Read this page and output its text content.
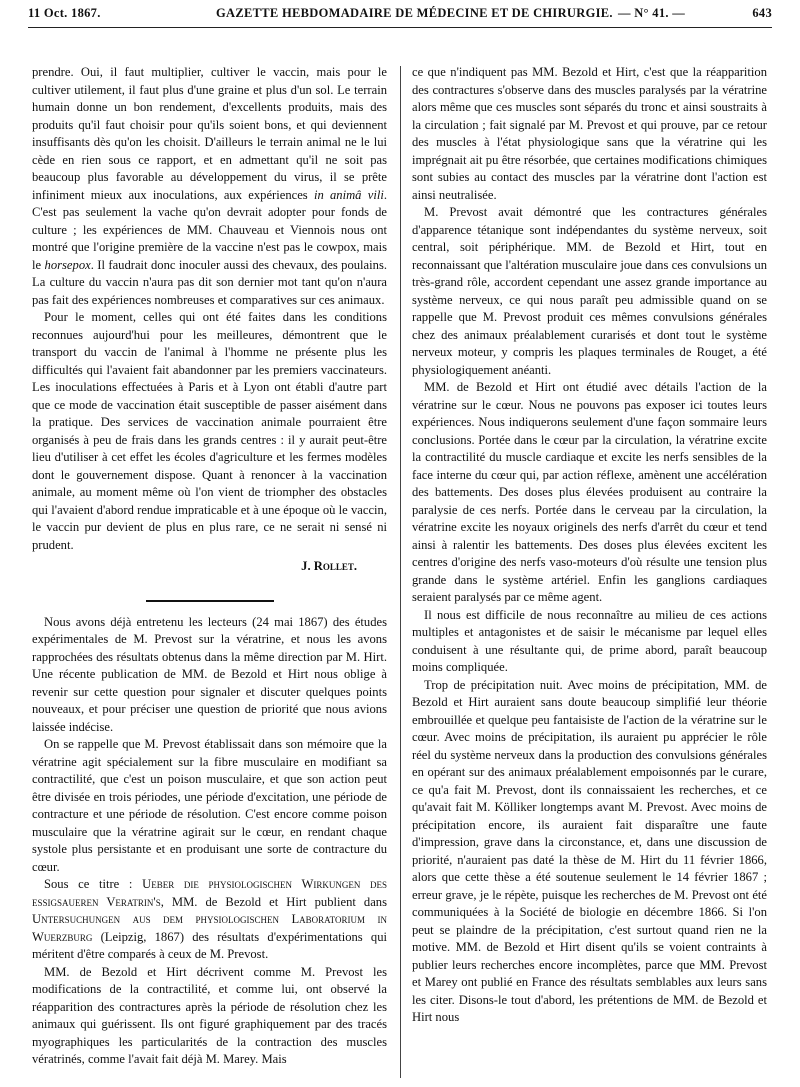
11 Oct. 1867.	GAZETTE HEBDOMADAIRE DE MÉDECINE ET DE CHIRURGIE. — N° 41. —	643

prendre. Oui, il faut multiplier, cultiver le vaccin, mais pour le cultiver utilement, il faut plus d'une graine et plus d'un sol. Le terrain humain donne un bon rendement, d'excellents produits, mais des produits qu'il faut choisir pour qu'ils soient bons, et qui deviennent insuffisants dès qu'on les choisit. D'ailleurs le terrain animal ne le lui cède en rien sous ce rapport, et en admettant qu'il ne soit pas beaucoup plus favorable au développement du virus, il se prête infiniment mieux aux inoculations, aux expériences in animâ vili. C'est pas seulement la vache qu'on devrait adopter pour fonds de culture ; les expériences de MM. Chauveau et Viennois nous ont montré que l'origine première de la vaccine n'est pas le cowpox, mais le horsepox. Il faudrait donc inoculer aussi des chevaux, des poulains. La culture du vaccin n'aura pas dit son dernier mot tant qu'on n'aura pas fait des expériences nombreuses et comparatives sur ces animaux.

Pour le moment, celles qui ont été faites dans les conditions reconnues aujourd'hui pour les meilleures, démontrent que le transport du vaccin de l'animal à l'homme ne présente plus les difficultés qui l'avaient fait abandonner par les premiers vaccinateurs. Les inoculations effectuées à Paris et à Lyon ont établi d'autre part que ce mode de vaccination était susceptible de passer aisément dans la pratique. Des services de vaccination animale pourraient être organisés à peu de frais dans les grands centres : il y aurait peut-être lieu d'utiliser à cet effet les écoles d'agriculture et les fermes modèles dont le gouvernement dispose. Quant à renoncer à la vaccination animale, au moment même où l'on vient de triompher des obstacles qui l'avaient d'abord rendue impraticable et à une époque où le vaccin, le vaccin pur devient de plus en plus rare, ce ne serait ni sensé ni prudent.

J. Rollet.

Nous avons déjà entretenu les lecteurs (24 mai 1867) des études expérimentales de M. Prevost sur la vératrine, et nous les avons rapprochées des résultats obtenus dans la même direction par M. Hirt. Une récente publication de MM. de Bezold et Hirt nous oblige à revenir sur cette question pour signaler et discuter quelques points nouveaux, et pour préciser une question de priorité que nous avions laissée indécise.

On se rappelle que M. Prevost établissait dans son mémoire que la vératrine agit spécialement sur la fibre musculaire en modifiant sa contractilité, que c'est un poison musculaire, et que son action peut être divisée en trois périodes, une période d'excitation, une période de contracture et une période de résolution. C'est encore comme poison musculaire que la vératrine agirait sur le cœur, en rendant chaque systole plus persistante et en produisant une sorte de contracture du cœur.

Sous ce titre : Ueber die physiologischen Wirkungen des essigsaueren Veratrin's, MM. de Bezold et Hirt publient dans Untersuchungen aus dem physiologischen Laboratorium in Wuerzburg (Leipzig, 1867) des résultats d'expérimentations qui méritent d'être comparés à ceux de M. Prevost.

MM. de Bezold et Hirt décrivent comme M. Prevost les modifications de la contractilité, et comme lui, ont observé la réapparition des contractures après la période de résolution chez les animaux qui guérissent. Ils ont figuré graphiquement par des tracés myographiques les particularités de la contraction des muscles vératrinés, comme l'avait fait déjà M. Marey. Mais

ce que n'indiquent pas MM. Bezold et Hirt, c'est que la réapparition des contractures s'observe dans des muscles paralysés par la vératrine alors même que ces muscles sont séparés du tronc et ainsi soustraits à la circulation ; fait signalé par M. Prevost et qui prouve, par ce retour des muscles à l'état physiologique sans que la vératrine qui les imprégnait ait pu être résorbée, que certaines modifications chimiques sont subies au contact des muscles par la vératrine dont l'action est ainsi neutralisée.

M. Prevost avait démontré que les contractures générales d'apparence tétanique sont indépendantes du système nerveux, soit central, soit périphérique. MM. de Bezold et Hirt, tout en reconnaissant que l'altération musculaire joue dans ces convulsions un très-grand rôle, accordent cependant une assez grande importance au système nerveux, ce qui nous paraît peu admissible quand on se rappelle que M. Prevost produit ces mêmes convulsions générales chez des animaux préalablement curarisés et dont tout le système nerveux moteur, y compris les plaques terminales de Rouget, a été physiologiquement anéanti.

MM. de Bezold et Hirt ont étudié avec détails l'action de la vératrine sur le cœur. Nous ne pouvons pas exposer ici toutes leurs expériences. Nous indiquerons seulement d'une façon sommaire leurs conclusions. Portée dans le cœur par la circulation, la vératrine excite la contractilité du muscle cardiaque et excite les nerfs sensibles de la face interne du cœur qui, par action réflexe, amènent une accélération des battements. Des doses plus élevées produisent au contraire la paralysie de ces nerfs. Portée dans le cerveau par la circulation, la vératrine excite les noyaux originels des nerfs d'arrêt du cœur et tend ainsi à ralentir les battements. Des doses plus élevées excitent les centres d'origine des nerfs vaso-moteurs d'où résulte une tension plus grande dans le système artériel. Enfin les ganglions cardiaques seraient paralysés par ce même agent.

Il nous est difficile de nous reconnaître au milieu de ces actions multiples et antagonistes et de saisir le mécanisme par lequel elles conduisent à une résultante qui, de prime abord, paraît beaucoup moins compliquée.

Trop de précipitation nuit. Avec moins de précipitation, MM. de Bezold et Hirt auraient sans doute beaucoup simplifié leur théorie embrouillée et quelque peu fantaisiste de l'action de la vératrine sur le cœur. Avec moins de précipitation, ils auraient pu apprécier le rôle réel du système nerveux dans la production des convulsions générales en opérant sur des animaux préalablement empoisonnés par le curare, ce qu'a fait M. Prevost, dont ils connaissaient les recherches, et ce qu'avait fait M. Kölliker longtemps avant M. Prevost. Avec moins de précipitation encore, ils auraient fait disparaître une faute d'impression, grave dans la circonstance, et, dans une discussion de priorité, n'auraient pas daté la thèse de M. Hirt du 11 février 1866, alors que cette thèse a été soutenue seulement le 14 février 1867 ; erreur grave, je le répète, puisque les recherches de M. Prevost ont été communiquées à la Société de biologie en décembre 1866. Si l'on peut se plaindre de la précipitation, c'est surtout quand rien ne la motive. MM. de Bezold et Hirt disent qu'ils se voient contraints à publier leurs recherches encore incomplètes, parce que MM. Prevost et Marey ont publié en France des résultats semblables aux leurs sans les citer. Disons-le tout d'abord, les prétentions de MM. de Bezold et Hirt nous
